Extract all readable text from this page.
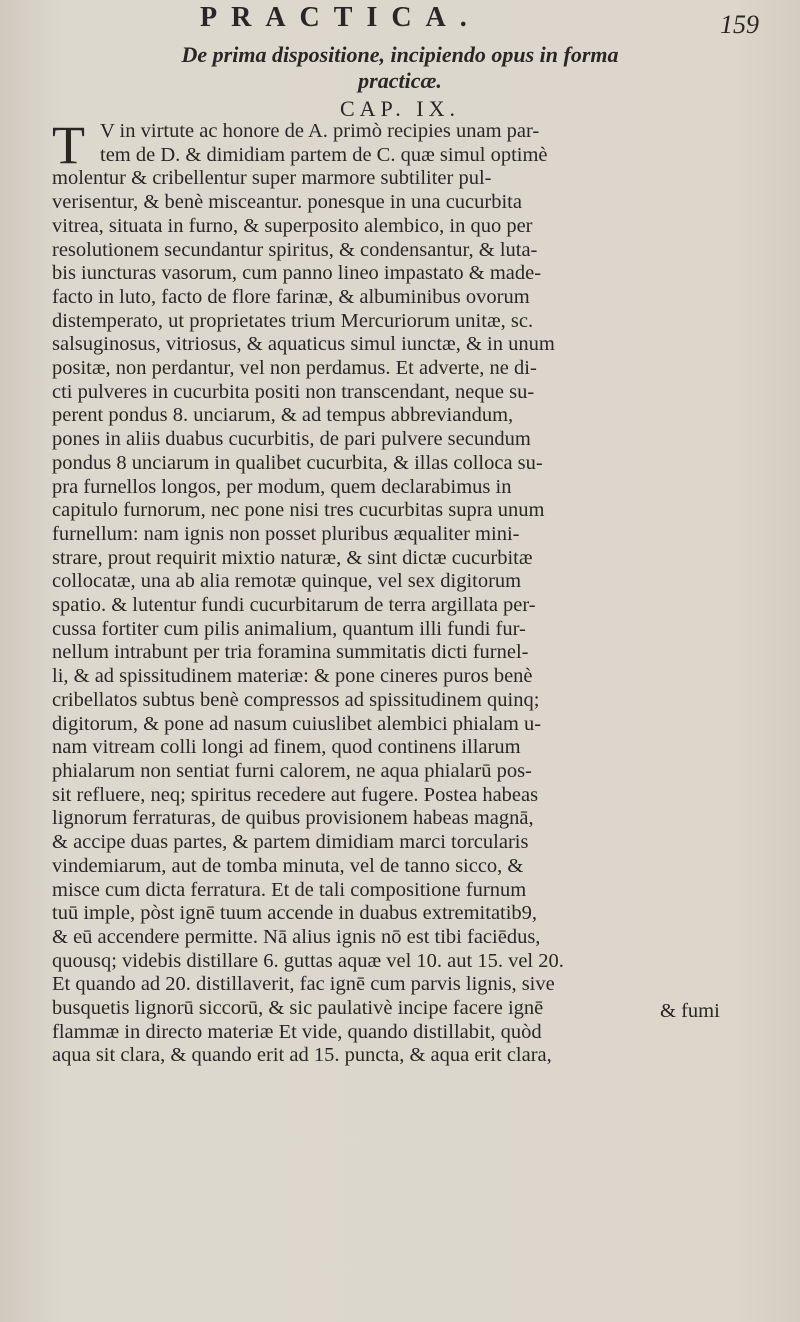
PRACTICA.	159
De prima dispositione, incipiendo opus in forma
practicæ.
CAP. IX.
T V in virtute ac honore de A. primò recipies unam par-
tem de D. & dimidiam partem de C. quæ simul optimè
molentur & cribellentur super marmore subtiliter pul-
verisentur, & benè misceantur. ponesque in una cucurbita
vitrea, situata in furno, & superposito alembico, in quo per
resolutionem secundantur spiritus, & condensantur, & luta-
bis iuncturas vasorum, cum panno lineo impastato & made-
facto in luto, facto de flore farinæ, & albuminibus ovorum
distemperato, ut proprietates trium Mercuriorum unitæ, sc.
salsuginosus, vitriosus, & aquaticus simul iunctæ, & in unum
positæ, non perdantur, vel non perdamus. Et adverte, ne di-
cti pulveres in cucurbita positi non transcendant, neque su-
perent pondus 8. unciarum, & ad tempus abbreviandum,
pones in aliis duabus cucurbitis, de pari pulvere secundum
pondus 8 unciarum in qualibet cucurbita, & illas colloca su-
pra furnellos longos, per modum, quem declarabimus in
capitulo furnorum, nec pone nisi tres cucurbitas supra unum
furnellum: nam ignis non posset pluribus æqualiter mini-
strare, prout requirit mixtio naturæ, & sint dictæ cucurbitæ
collocatæ, una ab alia remotæ quinque, vel sex digitorum
spatio. & lutentur fundi cucurbitarum de terra argillata per-
cussa fortiter cum pilis animalium, quantum illi fundi fur-
nellum intrabunt per tria foramina summitatis dicti furnel-
li, & ad spissitudinem materiæ: & pone cineres puros benè
cribellatos subtus benè compressos ad spissitudinem quinq;
digitorum, & pone ad nasum cuiuslibet alembici phialam u-
nam vitream colli longi ad finem, quod continens illarum
phialarum non sentiat furni calorem, ne aqua phialarū pos-
sit refluere, neq; spiritus recedere aut fugere. Postea habeas
lignorum ferraturas, de quibus provisionem habeas magnā,
& accipe duas partes, & partem dimidiam marci torcularis
vindemiarum, aut de tomba minuta, vel de tanno sicco, &
misce cum dicta ferratura. Et de tali compositione furnum
tuū imple, pòst ignē tuum accende in duabus extremitatib9,
& eū accendere permitte. Nā alius ignis nō est tibi faciēdus,
quousq; videbis distillare 6. guttas aquæ vel 10. aut 15. vel 20.
Et quando ad 20. distillaverit, fac ignē cum parvis lignis, sive
busquetis lignorū siccorū, & sic paulativè incipe facere ignē
flammæ in directo materiæ Et vide, quando distillabit, quòd
aqua sit clara, & quando erit ad 15. puncta, & aqua erit clara,
& fumi
